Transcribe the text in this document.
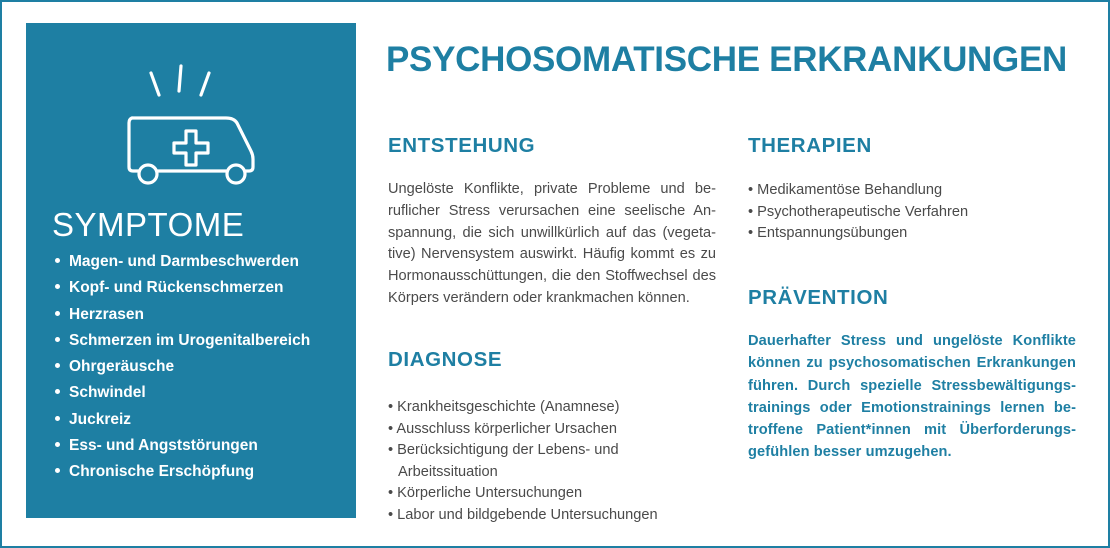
SYMPTOME
Magen- und Darmbeschwerden
Kopf- und Rückenschmerzen
Herzrasen
Schmerzen im Urogenitalbereich
Ohrgeräusche
Schwindel
Juckreiz
Ess- und Angststörungen
Chronische Erschöpfung
PSYCHOSOMATISCHE ERKRANKUNGEN
ENTSTEHUNG

Ungelöste Konflikte, private Probleme und beruflicher Stress verursachen eine seelische Anspannung, die sich unwillkürlich auf das (vegetative) Nervensystem auswirkt. Häufig kommt es zu Hormonausschüttungen, die den Stoffwechsel des Körpers verändern oder krankmachen können.

DIAGNOSE
• Krankheitsgeschichte (Anamnese)
• Ausschluss körperlicher Ursachen
• Berücksichtigung der Lebens- und Arbeitssituation
• Körperliche Untersuchungen
• Labor und bildgebende Untersuchungen
THERAPIEN
• Medikamentöse Behandlung
• Psychotherapeutische Verfahren
• Entspannungsübungen
PRÄVENTION

Dauerhafter Stress und ungelöste Konflikte können zu psychosomatischen Erkrankungen führen. Durch spezielle Stressbewältigungstrainings oder Emotionstrainings lernen betroffene Patient*innen mit Überforderungsgefühlen besser umzugehen.
